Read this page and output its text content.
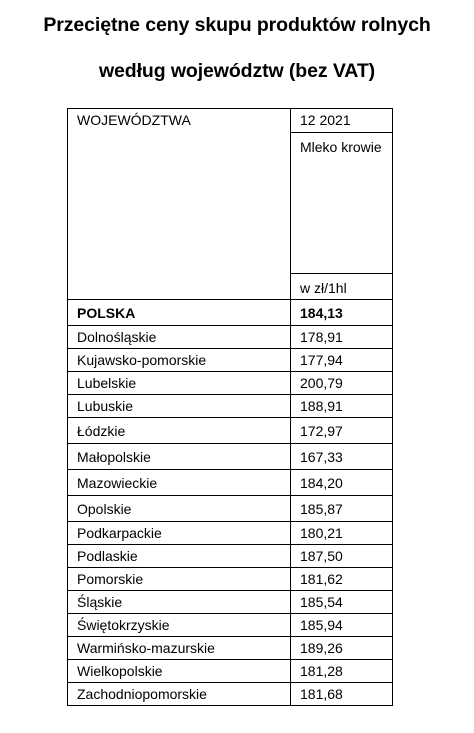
Przeciętne ceny skupu produktów rolnych
według województw (bez VAT)
WOJEWÓDZTWA	12 2021
	Mleko krowie
	w zł/1hl
POLSKA	184,13
Dolnośląskie	178,91
Kujawsko-pomorskie	177,94
Lubelskie	200,79
Lubuskie	188,91
Łódzkie	172,97
Małopolskie	167,33
Mazowieckie	184,20
Opolskie	185,87
Podkarpackie	180,21
Podlaskie	187,50
Pomorskie	181,62
Śląskie	185,54
Świętokrzyskie	185,94
Warmińsko-mazurskie	189,26
Wielkopolskie	181,28
Zachodniopomorskie	181,68
